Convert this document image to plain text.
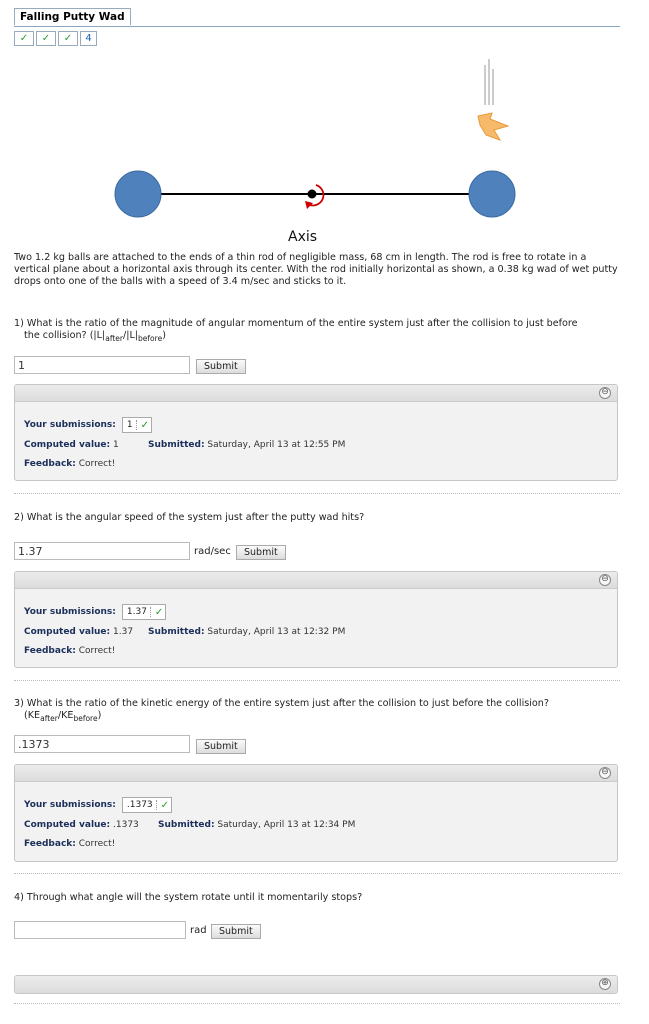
Falling Putty Wad
✓	✓	✓	4
Axis
Two 1.2 kg balls are attached to the ends of a thin rod of negligible mass, 68 cm in length. The rod is free to rotate in a vertical plane about a horizontal axis through its center. With the rod initially horizontal as shown, a 0.38 kg wad of wet putty drops onto one of the balls with a speed of 3.4 m/sec and sticks to it.
1) What is the ratio of the magnitude of angular momentum of the entire system just after the collision to just before
the collision? $(|L|_{after}/|L|_{before})$
1
Submit
⊖
Your submissions: 1 ✓
Computed value: 1	Submitted: Saturday, April 13 at 12:55 PM
Feedback: Correct!
2) What is the angular speed of the system just after the putty wad hits?
1.37
rad/sec	Submit
⊖
Your submissions: 1.37 ✓
Computed value: 1.37 Submitted: Saturday, April 13 at 12:32 PM
Feedback: Correct!
3) What is the ratio of the kinetic energy of the entire system just after the collision to just before the collision?
$(KE_{after}/KE_{before})$
.1373
Submit
⊖
Your submissions: .1373 ✓
Computed value: .1373 Submitted: Saturday, April 13 at 12:34 PM
Feedback: Correct!
4) Through what angle will the system rotate until it momentarily stops?
rad	Submit
⊕
